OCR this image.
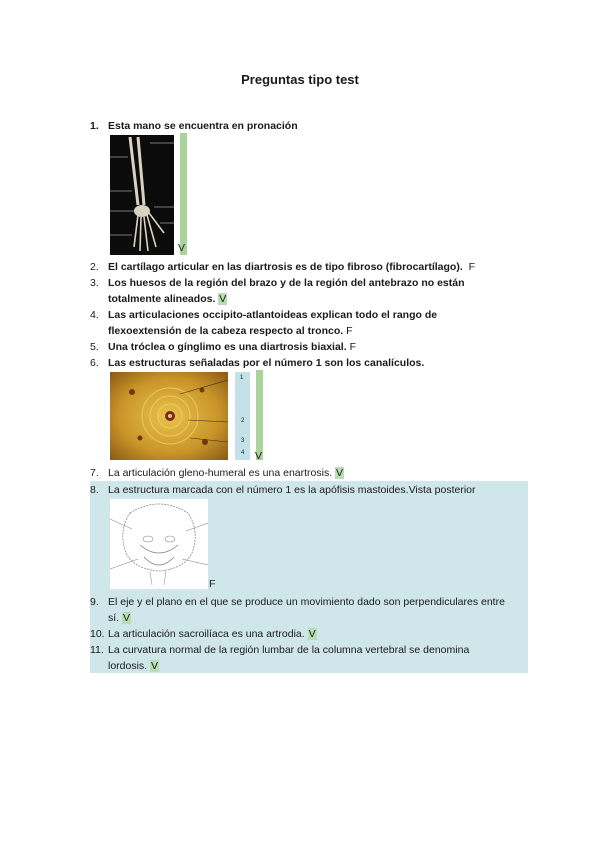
Preguntas tipo test
1. Esta mano se encuentra en pronación
V
2. El cartílago articular en las diartrosis es de tipo fibroso (fibrocartílago). F
3. Los huesos de la región del brazo y de la región del antebrazo no están totalmente alineados. V
4. Las articulaciones occipito-atlantoideas explican todo el rango de flexoextensión de la cabeza respecto al tronco. F
5. Una tróclea o gínglimo es una diartrosis biaxial. F
6. Las estructuras señaladas por el número 1 son los canalículos.
1
2
3
4 V
7. La articulación gleno-humeral es una enartrosis. V
8. La estructura marcada con el número 1 es la apófisis mastoides.Vista posterior
F
9. El eje y el plano en el que se produce un movimiento dado son perpendiculares entre sí. V
10. La articulación sacroilíaca es una artrodia. V
11. La curvatura normal de la región lumbar de la columna vertebral se denomina lordosis. V
